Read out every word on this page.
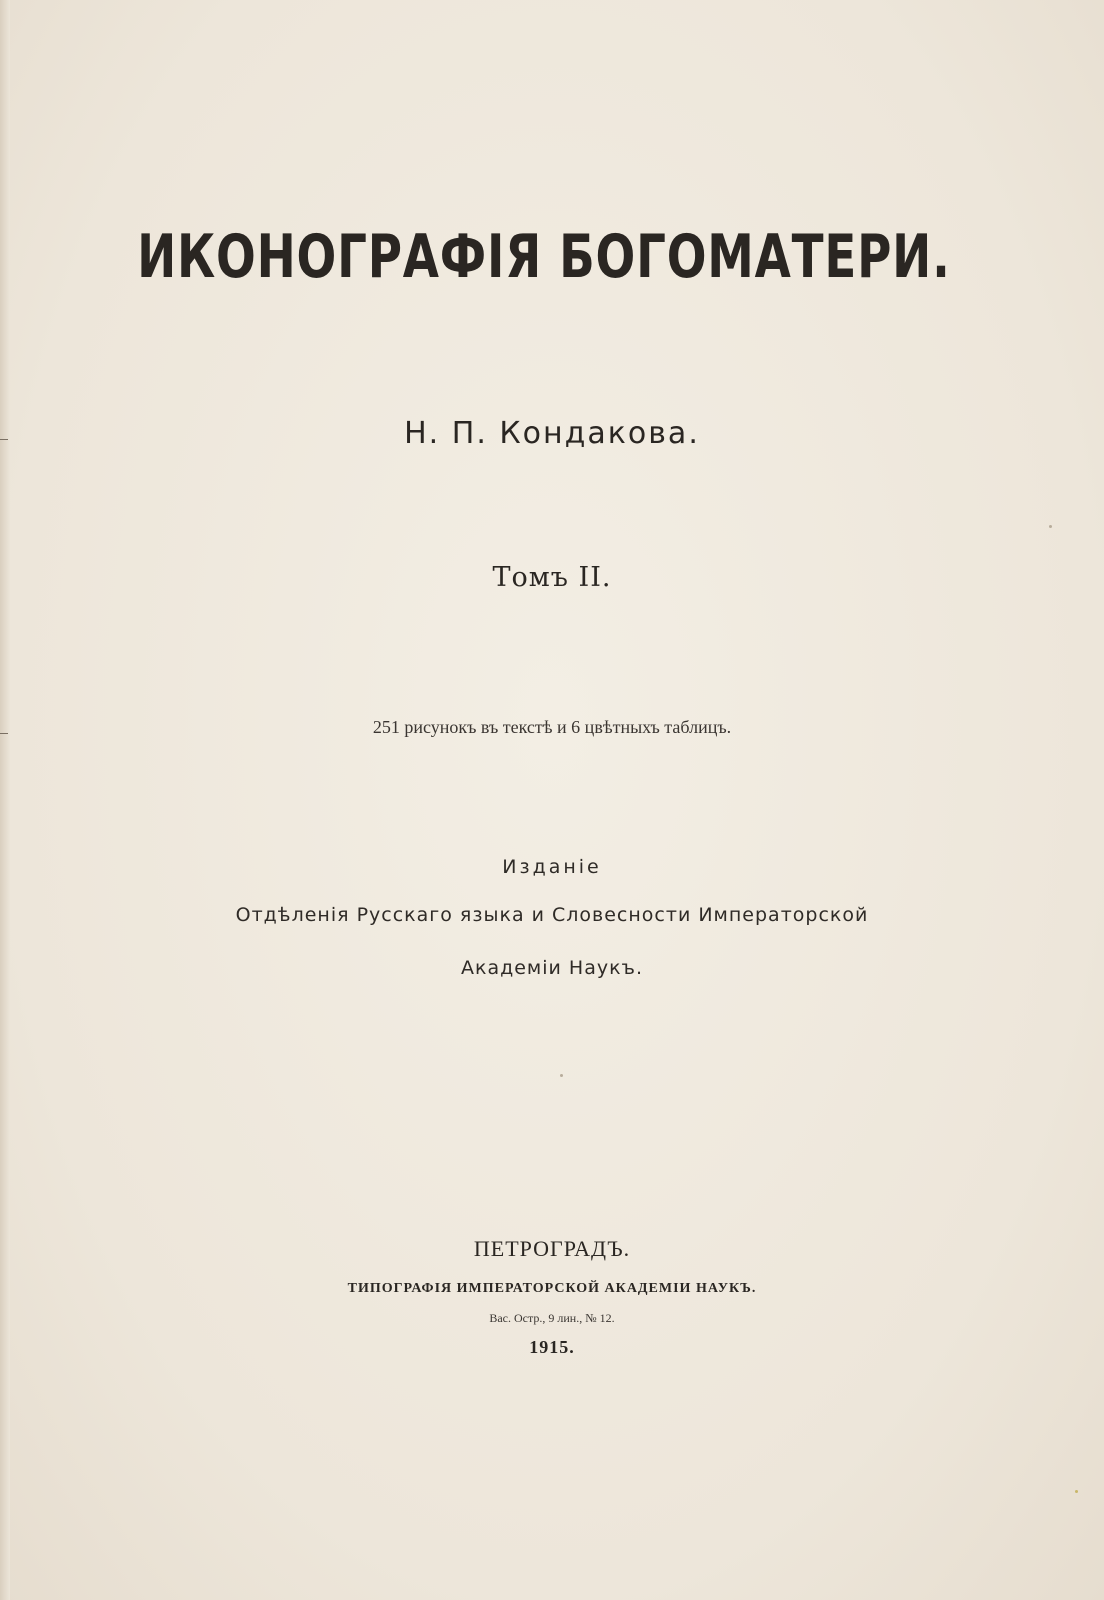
ИКОНОГРАФІЯ БОГОМАТЕРИ.
Н. П. Кондакова.
Томъ II.
251 рисунокъ въ текстѣ и 6 цвѣтныхъ таблицъ.
Изданіе
Отдѣленія Русскаго языка и Словесности Императорской
Академіи Наукъ.
ПЕТРОГРАДЪ.
ТИПОГРАФІЯ ИМПЕРАТОРСКОЙ АКАДЕМІИ НАУКЪ.
Вас. Остр., 9 лин., № 12.
1915.
